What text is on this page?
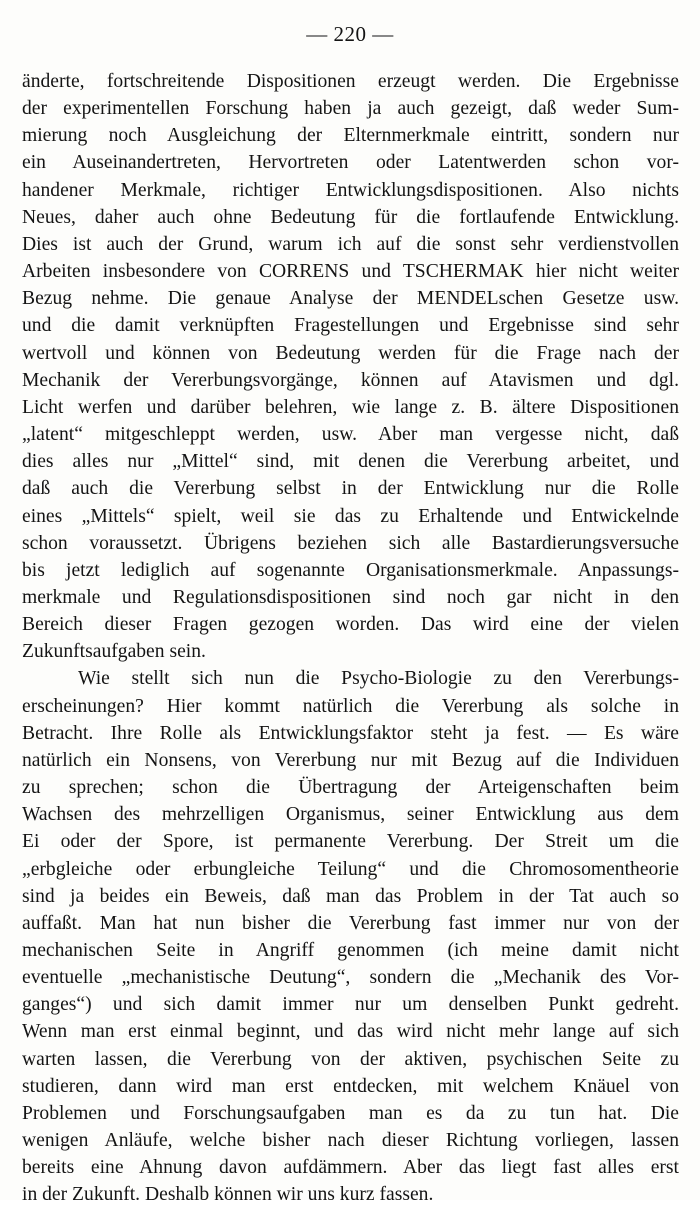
— 220 —
änderte, fortschreitende Dispositionen erzeugt werden. Die Ergebnisse
der experimentellen Forschung haben ja auch gezeigt, daß weder Sum-
mierung noch Ausgleichung der Elternmerkmale eintritt, sondern nur
ein Auseinandertreten, Hervortreten oder Latentwerden schon vor-
handener Merkmale, richtiger Entwicklungsdispositionen. Also nichts
Neues, daher auch ohne Bedeutung für die fortlaufende Entwicklung.
Dies ist auch der Grund, warum ich auf die sonst sehr verdienstvollen
Arbeiten insbesondere von CORRENS und TSCHERMAK hier nicht weiter
Bezug nehme. Die genaue Analyse der MENDELschen Gesetze usw.
und die damit verknüpften Fragestellungen und Ergebnisse sind sehr
wertvoll und können von Bedeutung werden für die Frage nach der
Mechanik der Vererbungsvorgänge, können auf Atavismen und dgl.
Licht werfen und darüber belehren, wie lange z. B. ältere Dispositionen
„latent“ mitgeschleppt werden, usw. Aber man vergesse nicht, daß
dies alles nur „Mittel“ sind, mit denen die Vererbung arbeitet, und
daß auch die Vererbung selbst in der Entwicklung nur die Rolle
eines „Mittels“ spielt, weil sie das zu Erhaltende und Entwickelnde
schon voraussetzt. Übrigens beziehen sich alle Bastardierungsversuche
bis jetzt lediglich auf sogenannte Organisationsmerkmale. Anpassungs-
merkmale und Regulationsdispositionen sind noch gar nicht in den
Bereich dieser Fragen gezogen worden. Das wird eine der vielen
Zukunftsaufgaben sein.
Wie stellt sich nun die Psycho-Biologie zu den Vererbungs-
erscheinungen? Hier kommt natürlich die Vererbung als solche in
Betracht. Ihre Rolle als Entwicklungsfaktor steht ja fest. — Es wäre
natürlich ein Nonsens, von Vererbung nur mit Bezug auf die Individuen
zu sprechen; schon die Übertragung der Arteigenschaften beim
Wachsen des mehrzelligen Organismus, seiner Entwicklung aus dem
Ei oder der Spore, ist permanente Vererbung. Der Streit um die
„erbgleiche oder erbungleiche Teilung“ und die Chromosomentheorie
sind ja beides ein Beweis, daß man das Problem in der Tat auch so
auffaßt. Man hat nun bisher die Vererbung fast immer nur von der
mechanischen Seite in Angriff genommen (ich meine damit nicht
eventuelle „mechanistische Deutung“, sondern die „Mechanik des Vor-
ganges“) und sich damit immer nur um denselben Punkt gedreht.
Wenn man erst einmal beginnt, und das wird nicht mehr lange auf sich
warten lassen, die Vererbung von der aktiven, psychischen Seite zu
studieren, dann wird man erst entdecken, mit welchem Knäuel von
Problemen und Forschungsaufgaben man es da zu tun hat. Die
wenigen Anläufe, welche bisher nach dieser Richtung vorliegen, lassen
bereits eine Ahnung davon aufdämmern. Aber das liegt fast alles erst
in der Zukunft. Deshalb können wir uns kurz fassen.
